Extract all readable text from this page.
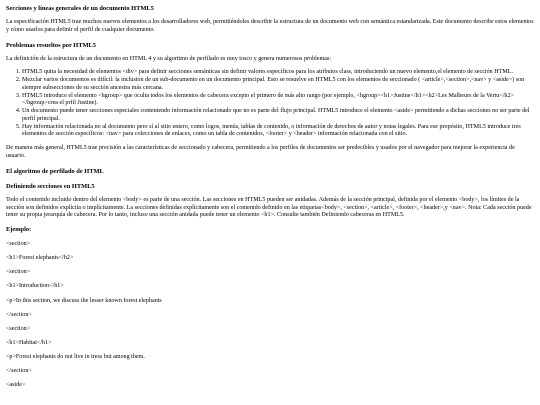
Secciones y líneas generales de un documento HTML5

La especificación HTML5 trae muchos nuevos elementos a los desarrolladores web, permitiéndoles describir la estructura de un documento web con semántica estandarizada. Este documento describe estos elementos y cómo usarlos para definir el perfil de cualquier documento.

Problemas resueltos por HTML5

La definición de la estructura de un documento en HTML 4 y su algoritmo de perfilado es muy tosco y genera numerosos problemas:

1. HTML5 quita la necesidad de elementos <div> para definir secciones semánticas sin definir valores específicos para los atributos class, introduciendo un nuevo elemento,el elemento de sección HTML.
2. Mezclar varios documentos es difícil: la inclusión de un sub-documento en un documento principal. Esto se resuelve en HTML5 con los elementos de seccionado ( <article>,<section>,<nav> y <aside>) son siempre subsecciones de su sección ancestra más cercana.
3. HTML5 introduce el elemento <hgroup> que oculta todos los elementos de cabecera excepto el primero de más alto rango (por ejemplo, <hgroup><h1>Justine</h1><h2>Les Malheurs de la Vertu</h2></hgroup>crea el prfil Justine).
4. Un documento puede tener secciones especiales conteniendo información relacionado que no es parte del flujo principal. HTML5 introduce el elemento <aside> permitiendo a dichas secciones no ser parte del perfil principal.
5. Hay información relacionada no al documento pero sí al sitio entero, como logos, menús, tablas de contenido, o información de derechos de autor y notas legales. Para ese propósito, HTML5 introduce tres elementos de sección específicos: <nav> para colecciones de enlaces, como un tabla de contenidos, <footer> y <header> información relacionada con el sitio.

De manera más general, HTML5 trae precisión a las características de seccionado y cabecera, permitiendo a los perfiles de documentos ser predecibles y usados por el navegador para mejorar la experiencia de usuario.

El algoritmo de perfilado de HTML
Definiendo secciones en HTML5

Todo el contenido incluido dentro del elemento <body> es parte de una sección. Las secciones en HTML5 pueden ser anidadas. Además de la sección principal, definida por el elemento <body>, los límites de la sección son definidos explícita o implícitamente. La secciones definidas explícitamente son el contenido definido en las etiquetas<body>, <section>, <article>, <footer>, <header>,y <nav>. Nota: Cada sección puede tener su propia jerarquía de cabecera. Por lo tanto, incluso una sección anidada puede tener un elemento <h1>. Consulte también Definiendo cabeceras en HTML5.

Ejemplo:

<section>

<h1>Forest elephants</h2>

<section>

<h1>Introduction</h1>

<p>In this section, we discuss the lesser known forest elephants

</section>

<section>

<h1>Habitat</h1>

<p>Forest elephants do not live in tress but among them.

</section>

<aside>
